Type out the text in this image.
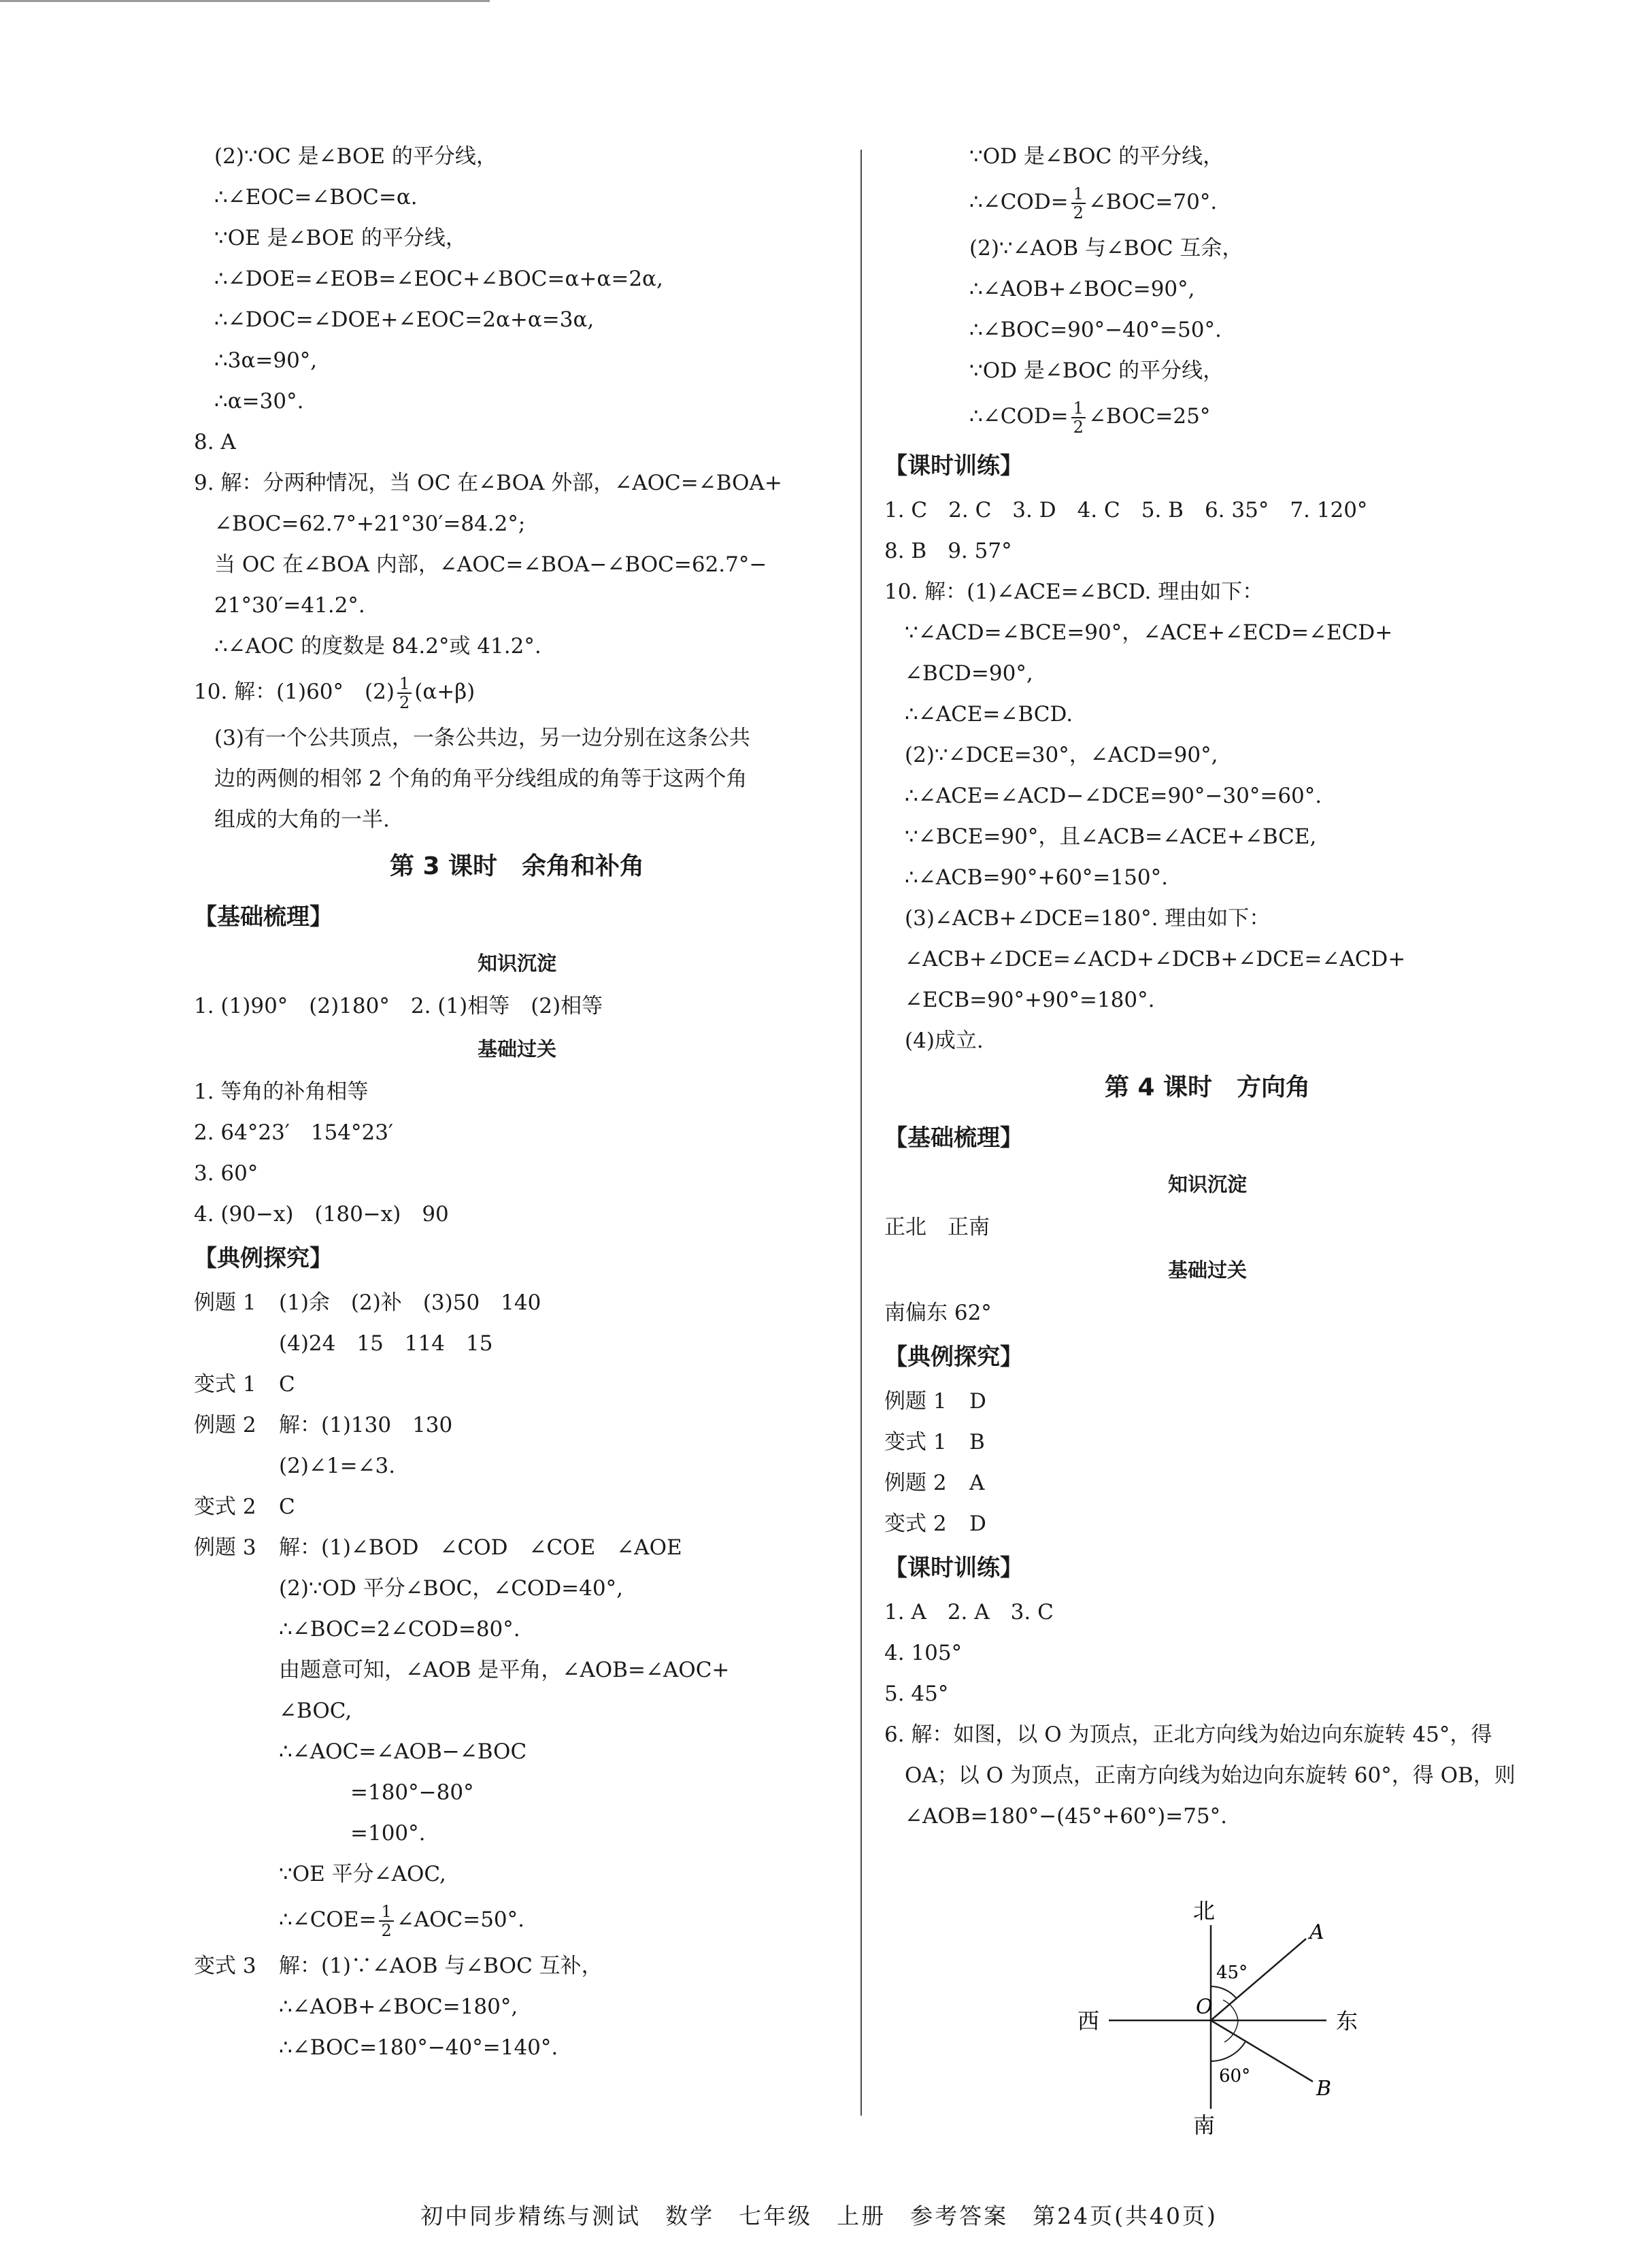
(2)∵OC 是∠BOE 的平分线，
∴∠EOC=∠BOC=α.
∵OE 是∠BOE 的平分线，
∴∠DOE=∠EOB=∠EOC+∠BOC=α+α=2α,
∴∠DOC=∠DOE+∠EOC=2α+α=3α,
∴3α=90°,
∴α=30°.
8. A
9. 解：分两种情况，当 OC 在∠BOA 外部，∠AOC=∠BOA+
∠BOC=62.7°+21°30′=84.2°;
当 OC 在∠BOA 内部，∠AOC=∠BOA−∠BOC=62.7°−
21°30′=41.2°.
∴∠AOC 的度数是 84.2°或 41.2°.
10. 解：(1)60°　$(2) \frac{1}{2} (\alpha+\beta)$
(3)有一个公共顶点，一条公共边，另一边分别在这条公共
边的两侧的相邻 2 个角的角平分线组成的角等于这两个角
组成的大角的一半.
第 3 课时　余角和补角
【基础梳理】
知识沉淀
1. (1)90°　(2)180°　2. (1)相等　(2)相等
基础过关
1. 等角的补角相等
2. 64°23′　154°23′
3. 60°
4. (90−x)　(180−x)　90
【典例探究】
例题 1 (1)余　(2)补　(3)50　140
(4)24　15　114　15
变式 1 C
例题 2 解：(1)130　130
(2)∠1=∠3.
变式 2 C
例题 3 解：(1)∠BOD　∠COD　∠COE　∠AOE
(2)∵OD 平分∠BOC，∠COD=40°,
∴∠BOC=2∠COD=80°.
由题意可知，∠AOB 是平角，∠AOB=∠AOC+
∠BOC,
∴∠AOC=∠AOB−∠BOC
=180°−80°
=100°.
∵OE 平分∠AOC,
∴∠COE= $\frac{1}{2}$ ∠AOC=50°.
变式 3 解：(1)∵∠AOB 与∠BOC 互补，
∴∠AOB+∠BOC=180°,
∴∠BOC=180°−40°=140°.
∵OD 是∠BOC 的平分线，
∴∠COD= $\frac{1}{2}$ ∠BOC=70°.
(2)∵∠AOB 与∠BOC 互余，
∴∠AOB+∠BOC=90°,
∴∠BOC=90°−40°=50°.
∵OD 是∠BOC 的平分线，
∴∠COD= $\frac{1}{2}$ ∠BOC=25°
【课时训练】
1. C　2. C　3. D　4. C　5. B　6. 35°　7. 120°
8. B　9. 57°
10. 解：(1)∠ACE=∠BCD. 理由如下：
∵∠ACD=∠BCE=90°，∠ACE+∠ECD=∠ECD+
∠BCD=90°,
∴∠ACE=∠BCD.
(2)∵∠DCE=30°，∠ACD=90°,
∴∠ACE=∠ACD−∠DCE=90°−30°=60°.
∵∠BCE=90°，且∠ACB=∠ACE+∠BCE,
∴∠ACB=90°+60°=150°.
(3)∠ACB+∠DCE=180°. 理由如下：
∠ACB+∠DCE=∠ACD+∠DCB+∠DCE=∠ACD+
∠ECB=90°+90°=180°.
(4)成立.
第 4 课时　方向角
【基础梳理】
知识沉淀
正北　正南
基础过关
南偏东 62°
【典例探究】
例题 1 D
变式 1 B
例题 2 A
变式 2 D
【课时训练】
1. A　2. A　3. C
4. 105°
5. 45°
6. 解：如图，以 O 为顶点，正北方向线为始边向东旋转 45°，得
OA；以 O 为顶点，正南方向线为始边向东旋转 60°，得 OB，则
∠AOB=180°−(45°+60°)=75°.
北
南
西	东
O
A
B
45°
60°
初中同步精练与测试　数学　七年级　上册　参考答案　第24页(共40页)
